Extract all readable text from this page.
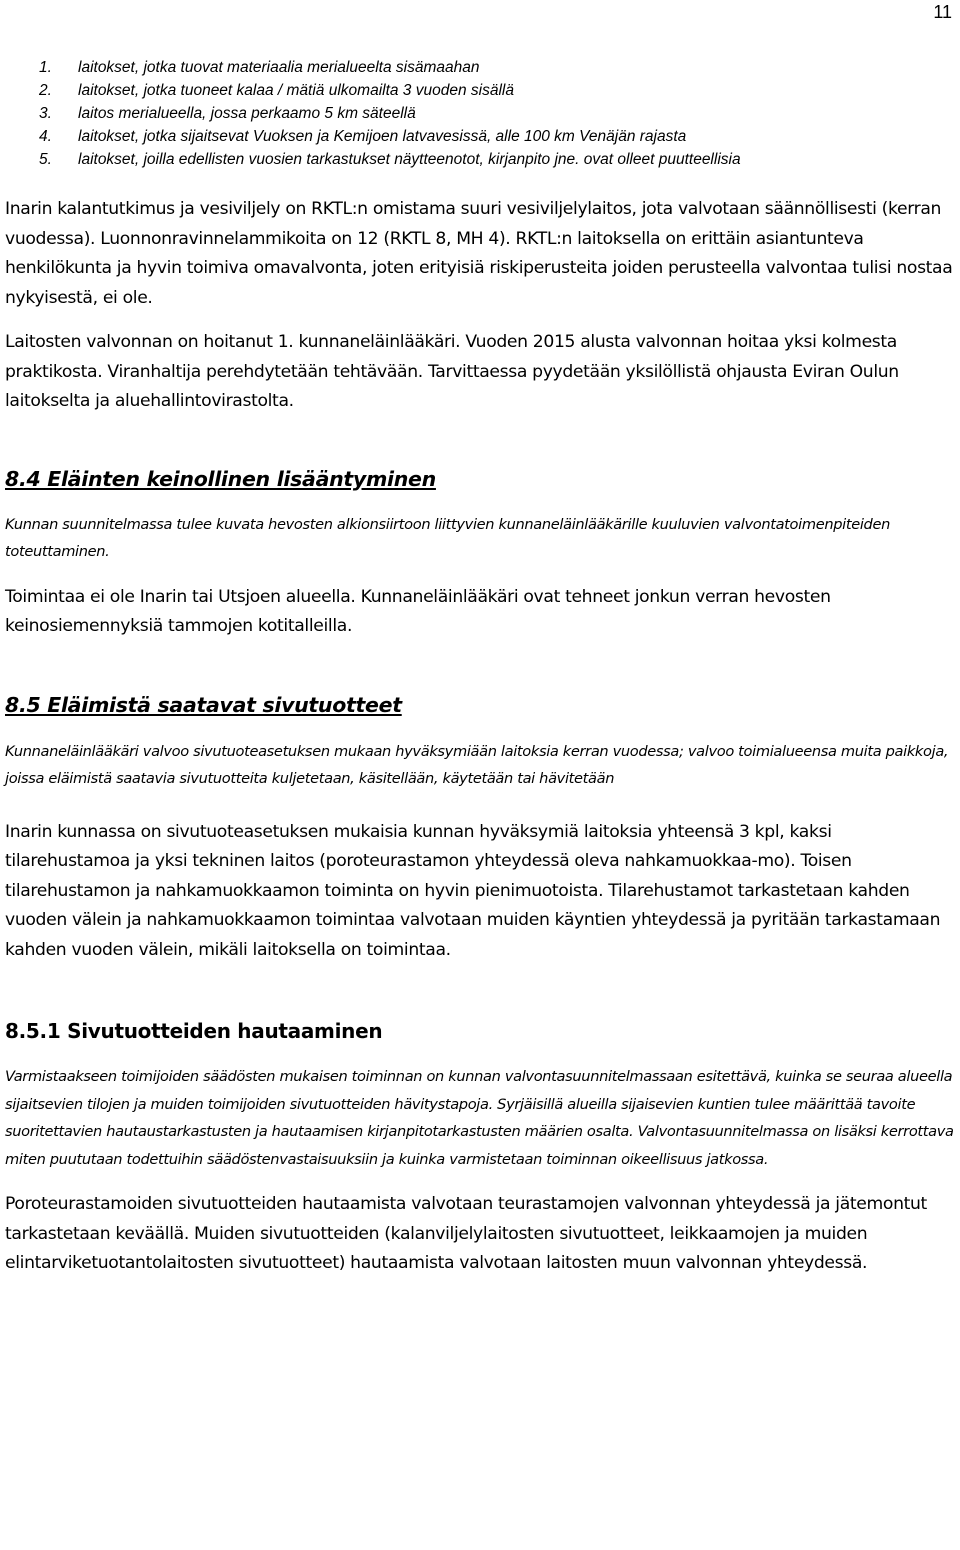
11
1. laitokset, jotka tuovat materiaalia merialueelta sisämaahan
2. laitokset, jotka tuoneet kalaa / mätiä ulkomailta 3 vuoden sisällä
3. laitos merialueella, jossa perkaamo 5 km säteellä
4. laitokset, jotka sijaitsevat Vuoksen ja Kemijoen latvavesissä, alle 100 km Venäjän rajasta
5. laitokset, joilla edellisten vuosien tarkastukset näytteenotot, kirjanpito jne. ovat olleet puutteellisia

Inarin kalantutkimus ja vesiviljely on RKTL:n omistama suuri vesiviljelylaitos, jota valvotaan säännöllisesti (kerran vuodessa). Luonnonravinnelammikoita on 12 (RKTL 8, MH 4). RKTL:n laitoksella on erittäin asiantunteva henkilökunta ja hyvin toimiva omavalvonta, joten erityisiä riskiperusteita joiden perusteella valvontaa tulisi nostaa nykyisestä, ei ole.

Laitosten valvonnan on hoitanut 1. kunnaneläinlääkäri. Vuoden 2015 alusta valvonnan hoitaa yksi kolmesta praktikosta. Viranhaltija perehdytetään tehtävään. Tarvittaessa pyydetään yksilöllistä ohjausta Eviran Oulun laitokselta ja aluehallintovirastolta.

8.4 Eläinten keinollinen lisääntyminen

Kunnan suunnitelmassa tulee kuvata hevosten alkionsiirtoon liittyvien kunnaneläinlääkärille kuuluvien valvontatoimenpiteiden toteuttaminen.

Toimintaa ei ole Inarin tai Utsjoen alueella. Kunnaneläinlääkäri ovat tehneet jonkun verran hevosten keinosiemennyksiä tammojen kotitalleilla.

8.5 Eläimistä saatavat sivutuotteet

Kunnaneläinlääkäri valvoo sivutuoteasetuksen mukaan hyväksymiään laitoksia kerran vuodessa; valvoo toimialueensa muita paikkoja, joissa eläimistä saatavia sivutuotteita kuljetetaan, käsitellään, käytetään tai hävitetään

Inarin kunnassa on sivutuoteasetuksen mukaisia kunnan hyväksymiä laitoksia yhteensä 3 kpl, kaksi tilarehustamoa ja yksi tekninen laitos (poroteurastamon yhteydessä oleva nahkamuokkaa-mo). Toisen tilarehustamon ja nahkamuokkaamon toiminta on hyvin pienimuotoista. Tilarehustamot tarkastetaan kahden vuoden välein ja nahkamuokkaamon toimintaa valvotaan muiden käyntien yhteydessä ja pyritään tarkastamaan kahden vuoden välein, mikäli laitoksella on toimintaa.

8.5.1 Sivutuotteiden hautaaminen

Varmistaakseen toimijoiden säädösten mukaisen toiminnan on kunnan valvontasuunnitelmassaan esitettävä, kuinka se seuraa alueella sijaitsevien tilojen ja muiden toimijoiden sivutuotteiden hävitystapoja. Syrjäisillä alueilla sijaisevien kuntien tulee määrittää tavoite suoritettavien hautaustarkastusten ja hautaamisen kirjanpitotarkastusten määrien osalta. Valvontasuunnitelmassa on lisäksi kerrottava miten puututaan todettuihin säädöstenvastaisuuksiin ja kuinka varmistetaan toiminnan oikeellisuus jatkossa.

Poroteurastamoiden sivutuotteiden hautaamista valvotaan teurastamojen valvonnan yhteydessä ja jätemontut tarkastetaan keväällä. Muiden sivutuotteiden (kalanviljelylaitosten sivutuotteet, leikkaamojen ja muiden elintarviketuotantolaitosten sivutuotteet) hautaamista valvotaan laitosten muun valvonnan yhteydessä.
